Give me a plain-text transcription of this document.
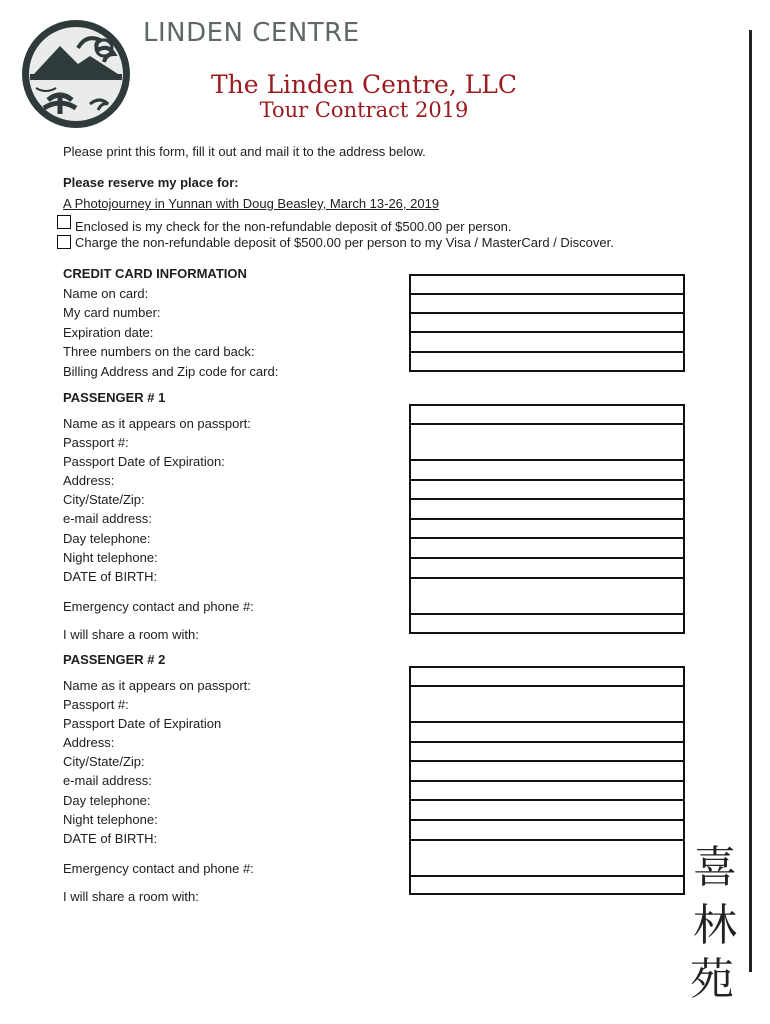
LINDEN CENTRE
The Linden Centre, LLC
Tour Contract 2019
Please print this form, fill it out and mail it to the address below.
Please reserve my place for:
A Photojourney in Yunnan with Doug Beasley, March 13-26, 2019
Enclosed is my check for the non-refundable deposit of $500.00 per person.
Charge the non-refundable deposit of $500.00 per person to my Visa / MasterCard / Discover.
CREDIT CARD INFORMATION
Name on card:
My card number:
Expiration date:
Three numbers on the card back:
Billing Address and Zip code for card:
PASSENGER # 1
Name as it appears on passport:
Passport #:
Passport Date of Expiration:
Address:
City/State/Zip:
e-mail address:
Day telephone:
Night telephone:
DATE of BIRTH:
Emergency contact and phone #:
I will share a room with:
PASSENGER # 2
Name as it appears on passport:
Passport #:
Passport Date of Expiration
Address:
City/State/Zip:
e-mail address:
Day telephone:
Night telephone:
DATE of BIRTH:
Emergency contact and phone #:
I will share a room with:
喜
林
苑
